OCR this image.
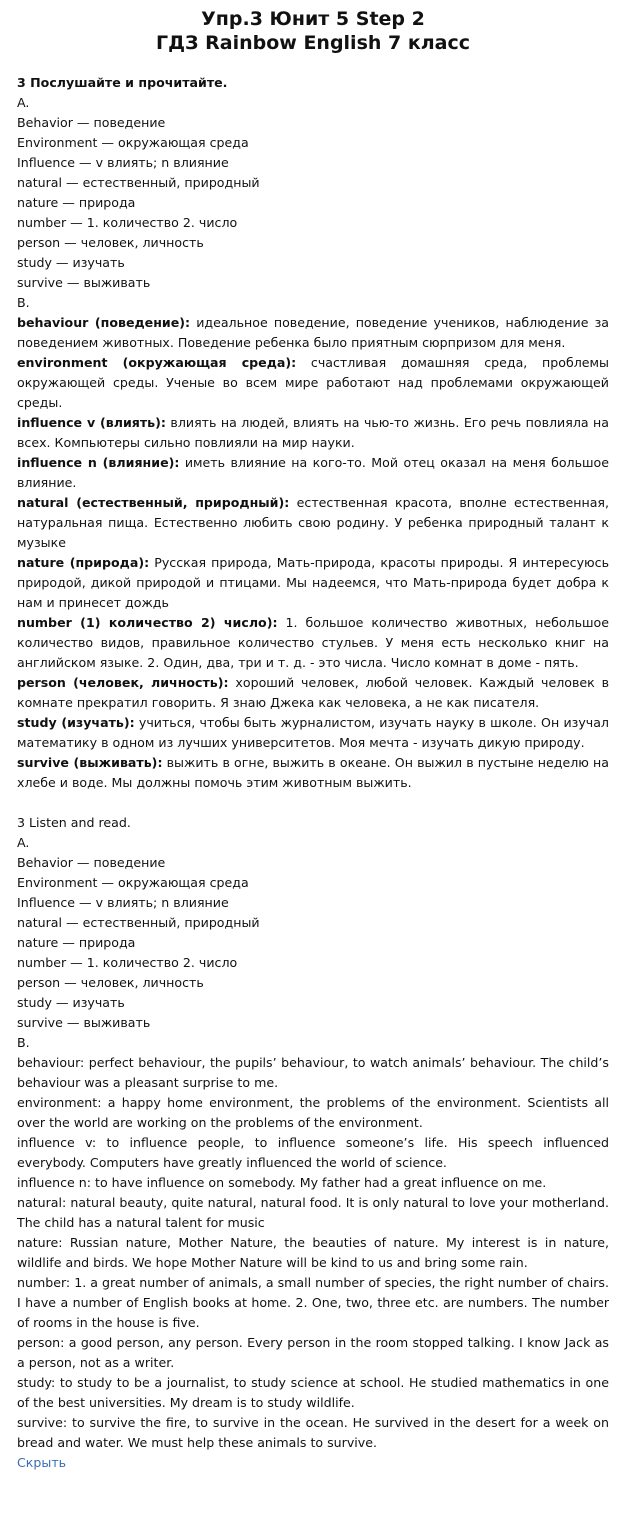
Упр.3 Юнит 5 Step 2
ГДЗ Rainbow English 7 класс
3 Послушайте и прочитайте.
A.
Behavior — поведение
Environment — окружающая среда
Influence — v влиять; n влияние
natural — естественный, природный
nature — природа
number — 1. количество 2. число
person — человек, личность
study — изучать
survive — выживать
B.
behaviour (поведение): идеальное поведение, поведение учеников, наблюдение за поведением животных. Поведение ребенка было приятным сюрпризом для меня.
environment (окружающая среда): счастливая домашняя среда, проблемы окружающей среды. Ученые во всем мире работают над проблемами окружающей среды.
influence v (влиять): влиять на людей, влиять на чью-то жизнь. Его речь повлияла на всех. Компьютеры сильно повлияли на мир науки.
influence n (влияние): иметь влияние на кого-то. Мой отец оказал на меня большое влияние.
natural (естественный, природный): естественная красота, вполне естественная, натуральная пища. Естественно любить свою родину. У ребенка природный талант к музыке
nature (природа): Русская природа, Мать-природа, красоты природы. Я интересуюсь природой, дикой природой и птицами. Мы надеемся, что Мать-природа будет добра к нам и принесет дождь
number (1) количество 2) число): 1. большое количество животных, небольшое количество видов, правильное количество стульев. У меня есть несколько книг на английском языке. 2. Один, два, три и т. д. - это числа. Число комнат в доме - пять.
person (человек, личность): хороший человек, любой человек. Каждый человек в комнате прекратил говорить. Я знаю Джека как человека, а не как писателя.
study (изучать): учиться, чтобы быть журналистом, изучать науку в школе. Он изучал математику в одном из лучших университетов. Моя мечта - изучать дикую природу.
survive (выживать): выжить в огне, выжить в океане. Он выжил в пустыне неделю на хлебе и воде. Мы должны помочь этим животным выжить.
3 Listen and read.
A.
Behavior — поведение
Environment — окружающая среда
Influence — v влиять; n влияние
natural — естественный, природный
nature — природа
number — 1. количество 2. число
person — человек, личность
study — изучать
survive — выживать
B.
behaviour: perfect behaviour, the pupils’ behaviour, to watch animals’ behaviour. The child’s behaviour was a pleasant surprise to me.
environment: a happy home environment, the problems of the environment. Scientists all over the world are working on the problems of the environment.
influence v: to influence people, to influence someone’s life. His speech influenced everybody. Computers have greatly influenced the world of science.
influence n: to have influence on somebody. My father had a great influence on me.
natural: natural beauty, quite natural, natural food. It is only natural to love your motherland. The child has a natural talent for music
nature: Russian nature, Mother Nature, the beauties of nature. My interest is in nature, wildlife and birds. We hope Mother Nature will be kind to us and bring some rain.
number: 1. a great number of animals, a small number of species, the right number of chairs. I have a number of English books at home. 2. One, two, three etc. are numbers. The number of rooms in the house is five.
person: a good person, any person. Every person in the room stopped talking. I know Jack as a person, not as a writer.
study: to study to be a journalist, to study science at school. He studied mathematics in one of the best universities. My dream is to study wildlife.
survive: to survive the fire, to survive in the ocean. He survived in the desert for a week on bread and water. We must help these animals to survive.
Скрыть
